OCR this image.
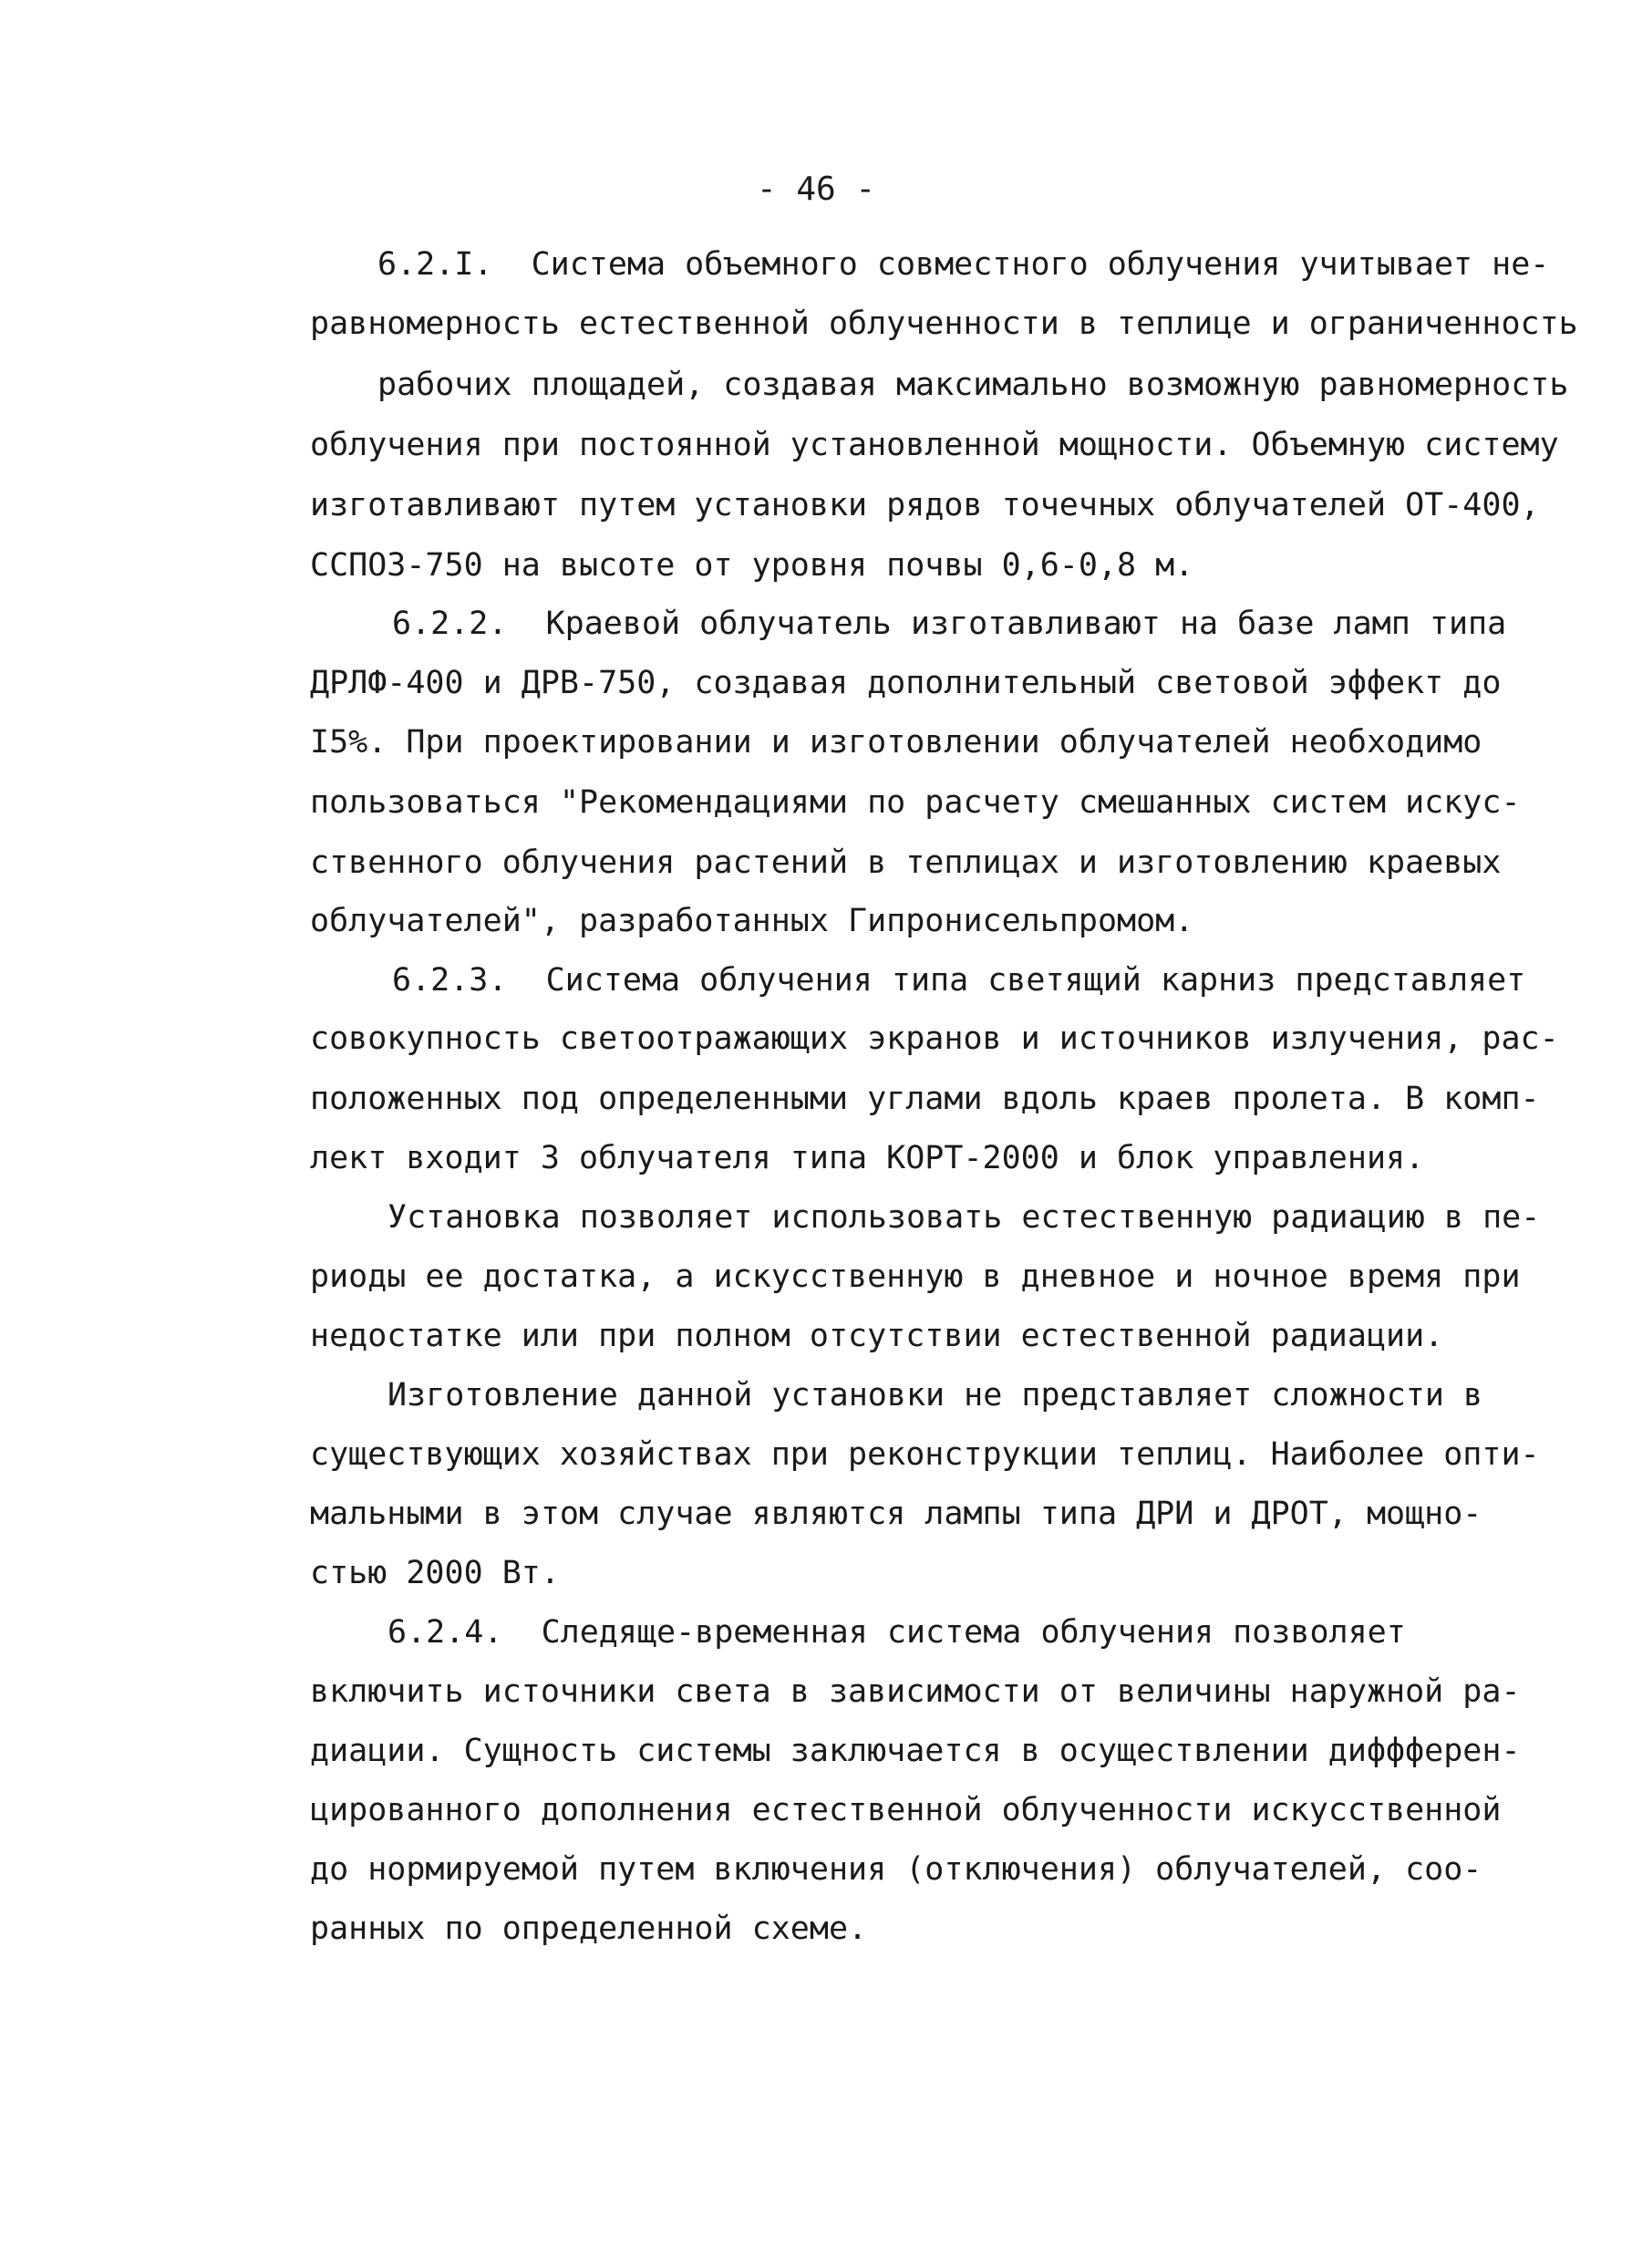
- 46 -
6.2.I.  Система объемного совместного облучения учитывает не-
равномерность естественной облученности в теплице и ограниченность
рабочих площадей, создавая максимально возможную равномерность
облучения при постоянной установленной мощности. Объемную систему
изготавливают путем установки рядов точечных облучателей ОТ-400,
ССПОЗ-750 на высоте от уровня почвы 0,6-0,8 м.
6.2.2.  Краевой облучатель изготавливают на базе ламп типа
ДРЛФ-400 и ДРВ-750, создавая дополнительный световой эффект до
I5%. При проектировании и изготовлении облучателей необходимо
пользоваться "Рекомендациями по расчету смешанных систем искус-
ственного облучения растений в теплицах и изготовлению краевых
облучателей", разработанных Гипронисельпромом.
6.2.3.  Система облучения типа светящий карниз представляет
совокупность светоотражающих экранов и источников излучения, рас-
положенных под определенными углами вдоль краев пролета. В комп-
лект входит 3 облучателя типа КОРТ-2000 и блок управления.
Установка позволяет использовать естественную радиацию в пе-
риоды ее достатка, а искусственную в дневное и ночное время при
недостатке или при полном отсутствии естественной радиации.
Изготовление данной установки не представляет сложности в
существующих хозяйствах при реконструкции теплиц. Наиболее опти-
мальными в этом случае являются лампы типа ДРИ и ДРОТ, мощно-
стью 2000 Вт.
6.2.4.  Следяще-временная система облучения позволяет
включить источники света в зависимости от величины наружной ра-
диации. Сущность системы заключается в осуществлении диффферен-
цированного дополнения естественной облученности искусственной
до нормируемой путем включения (отключения) облучателей, соо-
ранных по определенной схеме.
